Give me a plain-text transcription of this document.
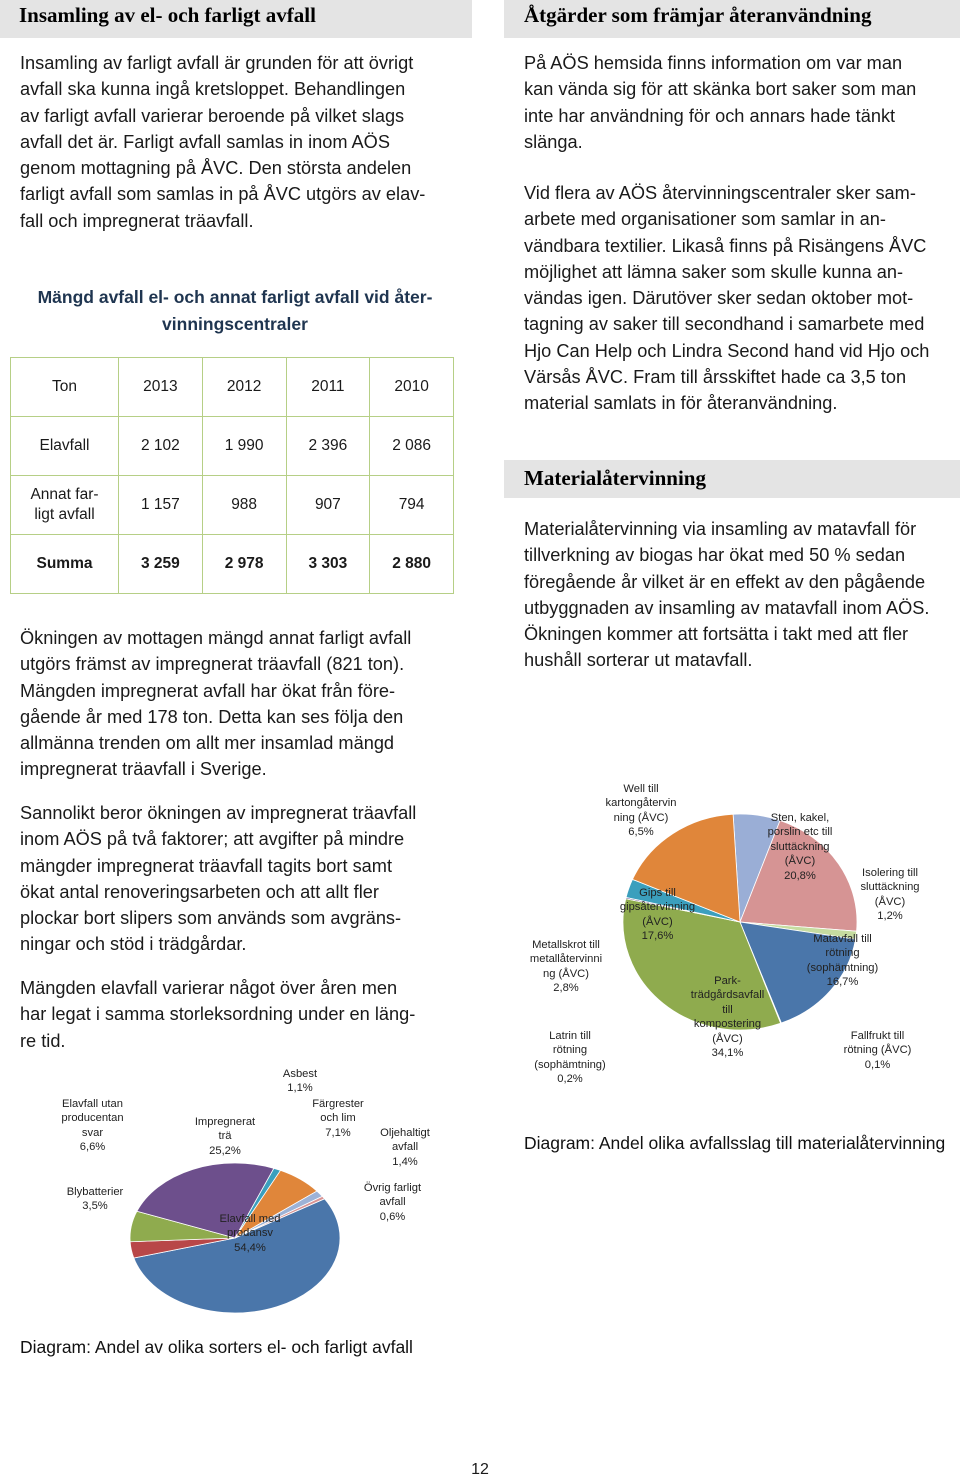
Insamling av el- och farligt avfall

Insamling av farligt avfall är grunden för att övrigt

avfall ska kunna ingå kretsloppet. Behandlingen

av farligt avfall varierar beroende på vilket slags

avfall det är. Farligt avfall samlas in inom AÖS

genom mottagning på ÅVC. Den största andelen

farligt avfall som samlas in på ÅVC utgörs av elav-

fall och impregnerat träavfall.

Mängd avfall el- och annat farligt avfall vid åter-
vinningscentraler
Ton	2013	2012	2011	2010
Elavfall	2 102	1 990	2 396	2 086

Annat far-
ligt avfall	1 157	988	907	794
Summa	3 259	2 978	3 303	2 880

Ökningen av mottagen mängd annat farligt avfall

utgörs främst av impregnerat träavfall (821 ton).

Mängden impregnerat avfall har ökat från före-

gående år med 178 ton. Detta kan ses följa den

allmänna trenden om allt mer insamlad mängd

impregnerat träavfall i Sverige.

Sannolikt beror ökningen av impregnerat träavfall

inom AÖS på två faktorer; att avgifter på mindre

mängder impregnerat träavfall tagits bort samt

ökat antal renoveringsarbeten och att allt fler

plockar bort slipers som används som avgräns-

ningar och stöd i trädgårdar.

Mängden elavfall varierar något över åren men

har legat i samma storleksordning under en läng-

re tid.

Elavfall med
prodansv
54,4%
Blybatterier
3,5%
Elavfall utan
producentan
svar
6,6%
Impregnerat
trä
25,2%
Asbest
1,1%
Färgrester
och lim
7,1%	Oljehaltigt
avfall
1,4%
Övrig farligt
avfall
0,6%
Diagram: Andel av olika sorters el- och farligt avfall
Åtgärder som främjar återanvändning

På AÖS hemsida finns information om var man

kan vända sig för att skänka bort saker som man

inte har användning för och annars hade tänkt

slänga.

Vid flera av AÖS återvinningscentraler sker sam-

arbete med organisationer som samlar in an-

vändbara textilier. Likaså finns på Risängens ÅVC

möjlighet att lämna saker som skulle kunna an-

vändas igen. Därutöver sker sedan oktober mot-

tagning av saker till secondhand i samarbete med

Hjo Can Help och Lindra Second hand vid Hjo och

Värsås ÅVC. Fram till årsskiftet hade ca 3,5 ton

material samlats in för återanvändning.

Materialåtervinning

Materialåtervinning via insamling av matavfall för

tillverkning av biogas har ökat med 50 % sedan

föregående år vilket är en effekt av den pågående

utbyggnaden av insamling av matavfall inom AÖS.

Ökningen kommer att fortsätta i takt med att fler

hushåll sorterar ut matavfall.

Well till
kartongåtervin
ning (ÅVC)
6,5%
Sten, kakel,
porslin etc till
sluttäckning
(ÅVC)
20,8%	Isolering till
sluttäckning
(ÅVC)
1,2%
Matavfall till
rötning
(sophämtning)
16,7%
Fallfrukt till
rötning (ÅVC)
0,1%
Park-
trädgårdsavfall
till
kompostering
(ÅVC)
34,1%
Latrin till
rötning
(sophämtning)
0,2%
Metallskrot till
metallåtervinni
ng (ÅVC)
2,8%
Gips till
gipsåtervinning
(ÅVC)
17,6%
Diagram: Andel olika avfallsslag till materialåtervinning
12
